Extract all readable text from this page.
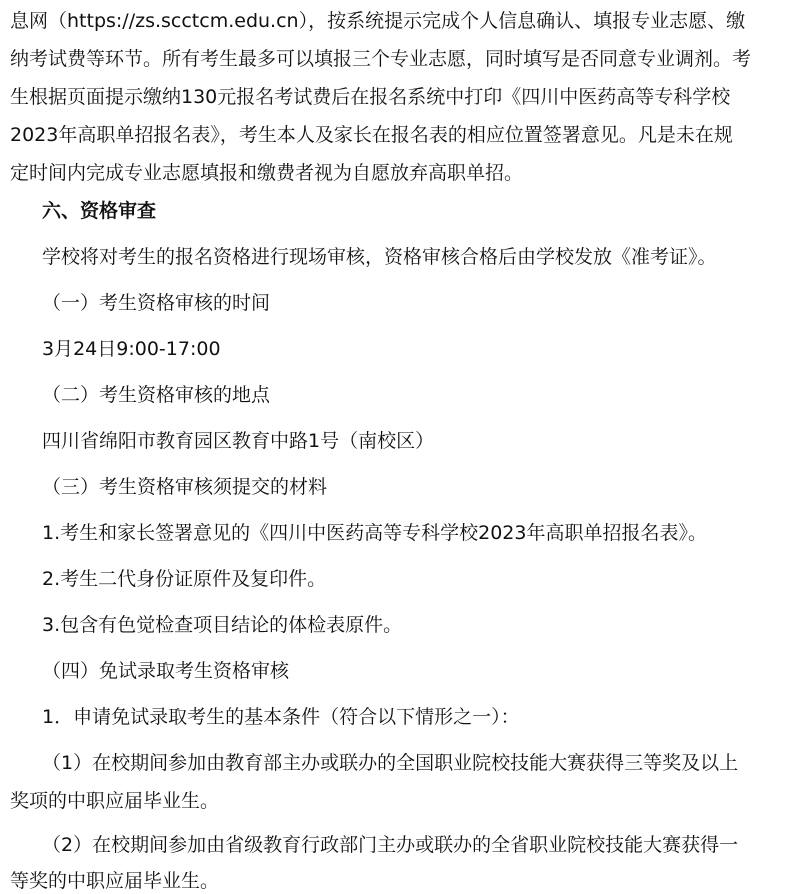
息网（https://zs.scctcm.edu.cn），按系统提示完成个人信息确认、填报专业志愿、缴
纳考试费等环节。所有考生最多可以填报三个专业志愿，同时填写是否同意专业调剂。考
生根据页面提示缴纳130元报名考试费后在报名系统中打印《四川中医药高等专科学校
2023年高职单招报名表》，考生本人及家长在报名表的相应位置签署意见。凡是未在规
定时间内完成专业志愿填报和缴费者视为自愿放弃高职单招。
六、资格审查
学校将对考生的报名资格进行现场审核，资格审核合格后由学校发放《准考证》。
（一）考生资格审核的时间
3月24日9:00-17:00
（二）考生资格审核的地点
四川省绵阳市教育园区教育中路1号（南校区）
（三）考生资格审核须提交的材料
1.考生和家长签署意见的《四川中医药高等专科学校2023年高职单招报名表》。
2.考生二代身份证原件及复印件。
3.包含有色觉检查项目结论的体检表原件。
（四）免试录取考生资格审核
1．申请免试录取考生的基本条件（符合以下情形之一）：
（1）在校期间参加由教育部主办或联办的全国职业院校技能大赛获得三等奖及以上
奖项的中职应届毕业生。
（2）在校期间参加由省级教育行政部门主办或联办的全省职业院校技能大赛获得一
等奖的中职应届毕业生。
